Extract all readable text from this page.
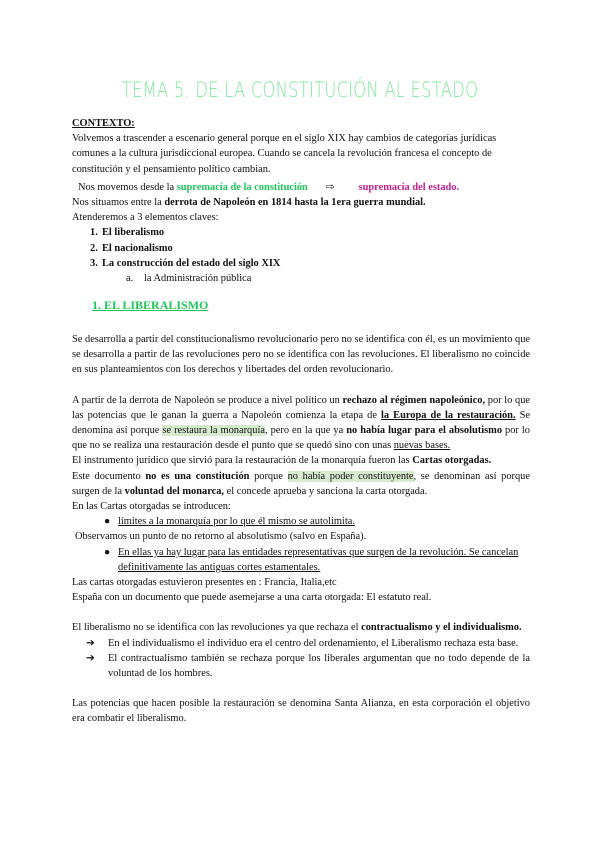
TEMA 5. DE LA CONSTITUCIÓN AL ESTADO
CONTEXTO:
Volvemos a trascender a escenario general porque en el siglo XIX hay cambios de categorías jurídicas comunes a la cultura jurisdiccional europea. Cuando se cancela la revolución francesa el concepto de constitución y el pensamiento político cambian.
Nos movemos desde la supremacía de la constitución ⇨ supremacía del estado.
Nos situamos entre la derrota de Napoleón en 1814 hasta la 1era guerra mundial.
Atenderemos a 3 elementos claves:
1. El liberalismo
2. El nacionalismo
3. La construcción del estado del siglo XIX
a. la Administración pública
1. EL LIBERALISMO
Se desarrolla a partir del constitucionalismo revolucionario pero no se identifica con él, es un movimiento que se desarrolla a partir de las revoluciones pero no se identifica con las revoluciones. El liberalismo no coincide en sus planteamientos con los derechos y libertades del orden revolucionario.
A partir de la derrota de Napoleón se produce a nivel político un rechazo al régimen napoleónico, por lo que las potencias que le ganan la guerra a Napoleón comienza la etapa de la Europa de la restauración. Se denomina así porque se restaura la monarquía, pero en la que ya no había lugar para el absolutismo por lo que no se realiza una restauración desde el punto que se quedó sino con unas nuevas bases.
El instrumento jurídico que sirvió para la restauración de la monarquía fueron las Cartas otorgadas.
Este documento no es una constitución porque no había poder constituyente, se denominan así porque surgen de la voluntad del monarca, el concede aprueba y sanciona la carta otorgada.
En las Cartas otorgadas se introducen:
● límites a la monarquía por lo que él mismo se autolimita.
Observamos un punto de no retorno al absolutismo (salvo en España).
● En ellas ya hay lugar para las entidades representativas que surgen de la revolución. Se cancelan definitivamente las antiguas cortes estamentales.
Las cartas otorgadas estuvieron presentes en : Francia, Italia,etc
España con un documento que puede asemejarse a una carta otorgada: El estatuto real.
El liberalismo no se identifica con las revoluciones ya que rechaza el contractualismo y el individualismo.
➔ En el individualismo el individuo era el centro del ordenamiento, el Liberalismo rechaza esta base.
➔ El contractualismo también se rechaza porque los liberales argumentan que no todo depende de la voluntad de los hombres.
Las potencias que hacen posible la restauración se denomina Santa Alianza, en esta corporación el objetivo era combatir el liberalismo.
